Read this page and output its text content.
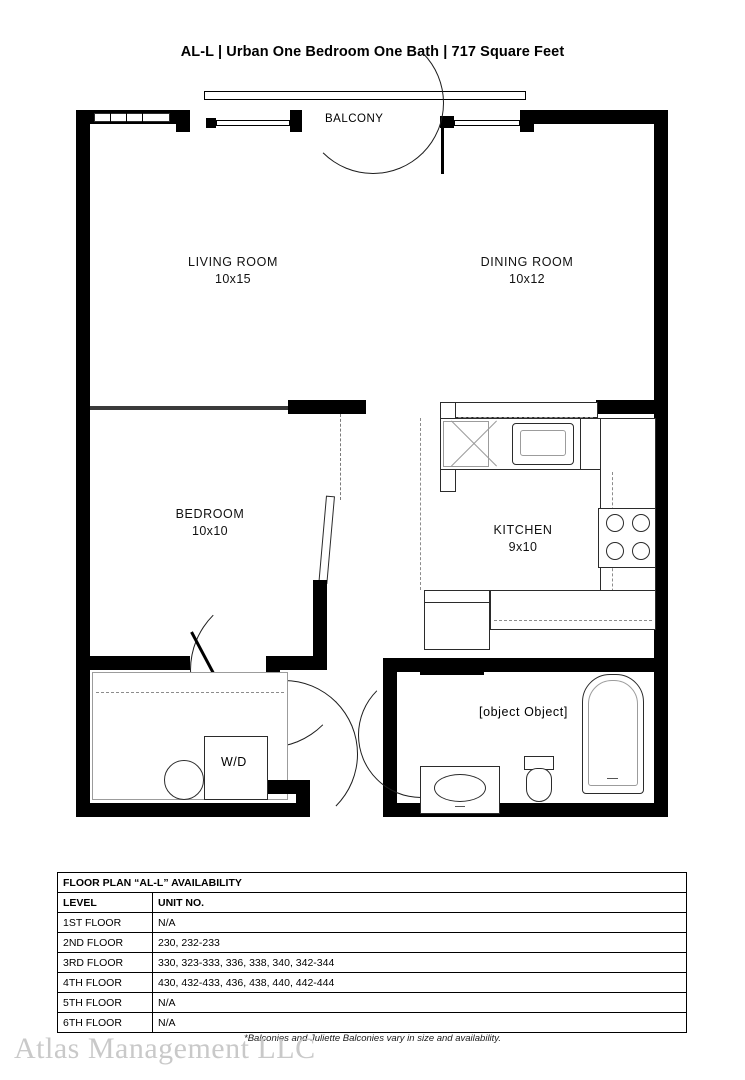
AL-L | Urban One Bedroom One Bath | 717 Square Feet
BALCONY
LIVING ROOM
10x15
DINING ROOM
10x12
BEDROOM
10x10	KITCHEN
9x10
[object Object]
W/D
FLOOR PLAN “AL-L” AVAILABILITY	
LEVEL	UNIT NO.
1ST FLOOR	N/A
2ND FLOOR	230, 232-233
3RD FLOOR	330, 323-333, 336, 338, 340, 342-344
4TH FLOOR	430, 432-433, 436, 438, 440, 442-444
5TH FLOOR	N/A
6TH FLOOR	N/A
*Balconies and Juliette Balconies vary in size and availability.
Atlas Management LLC
